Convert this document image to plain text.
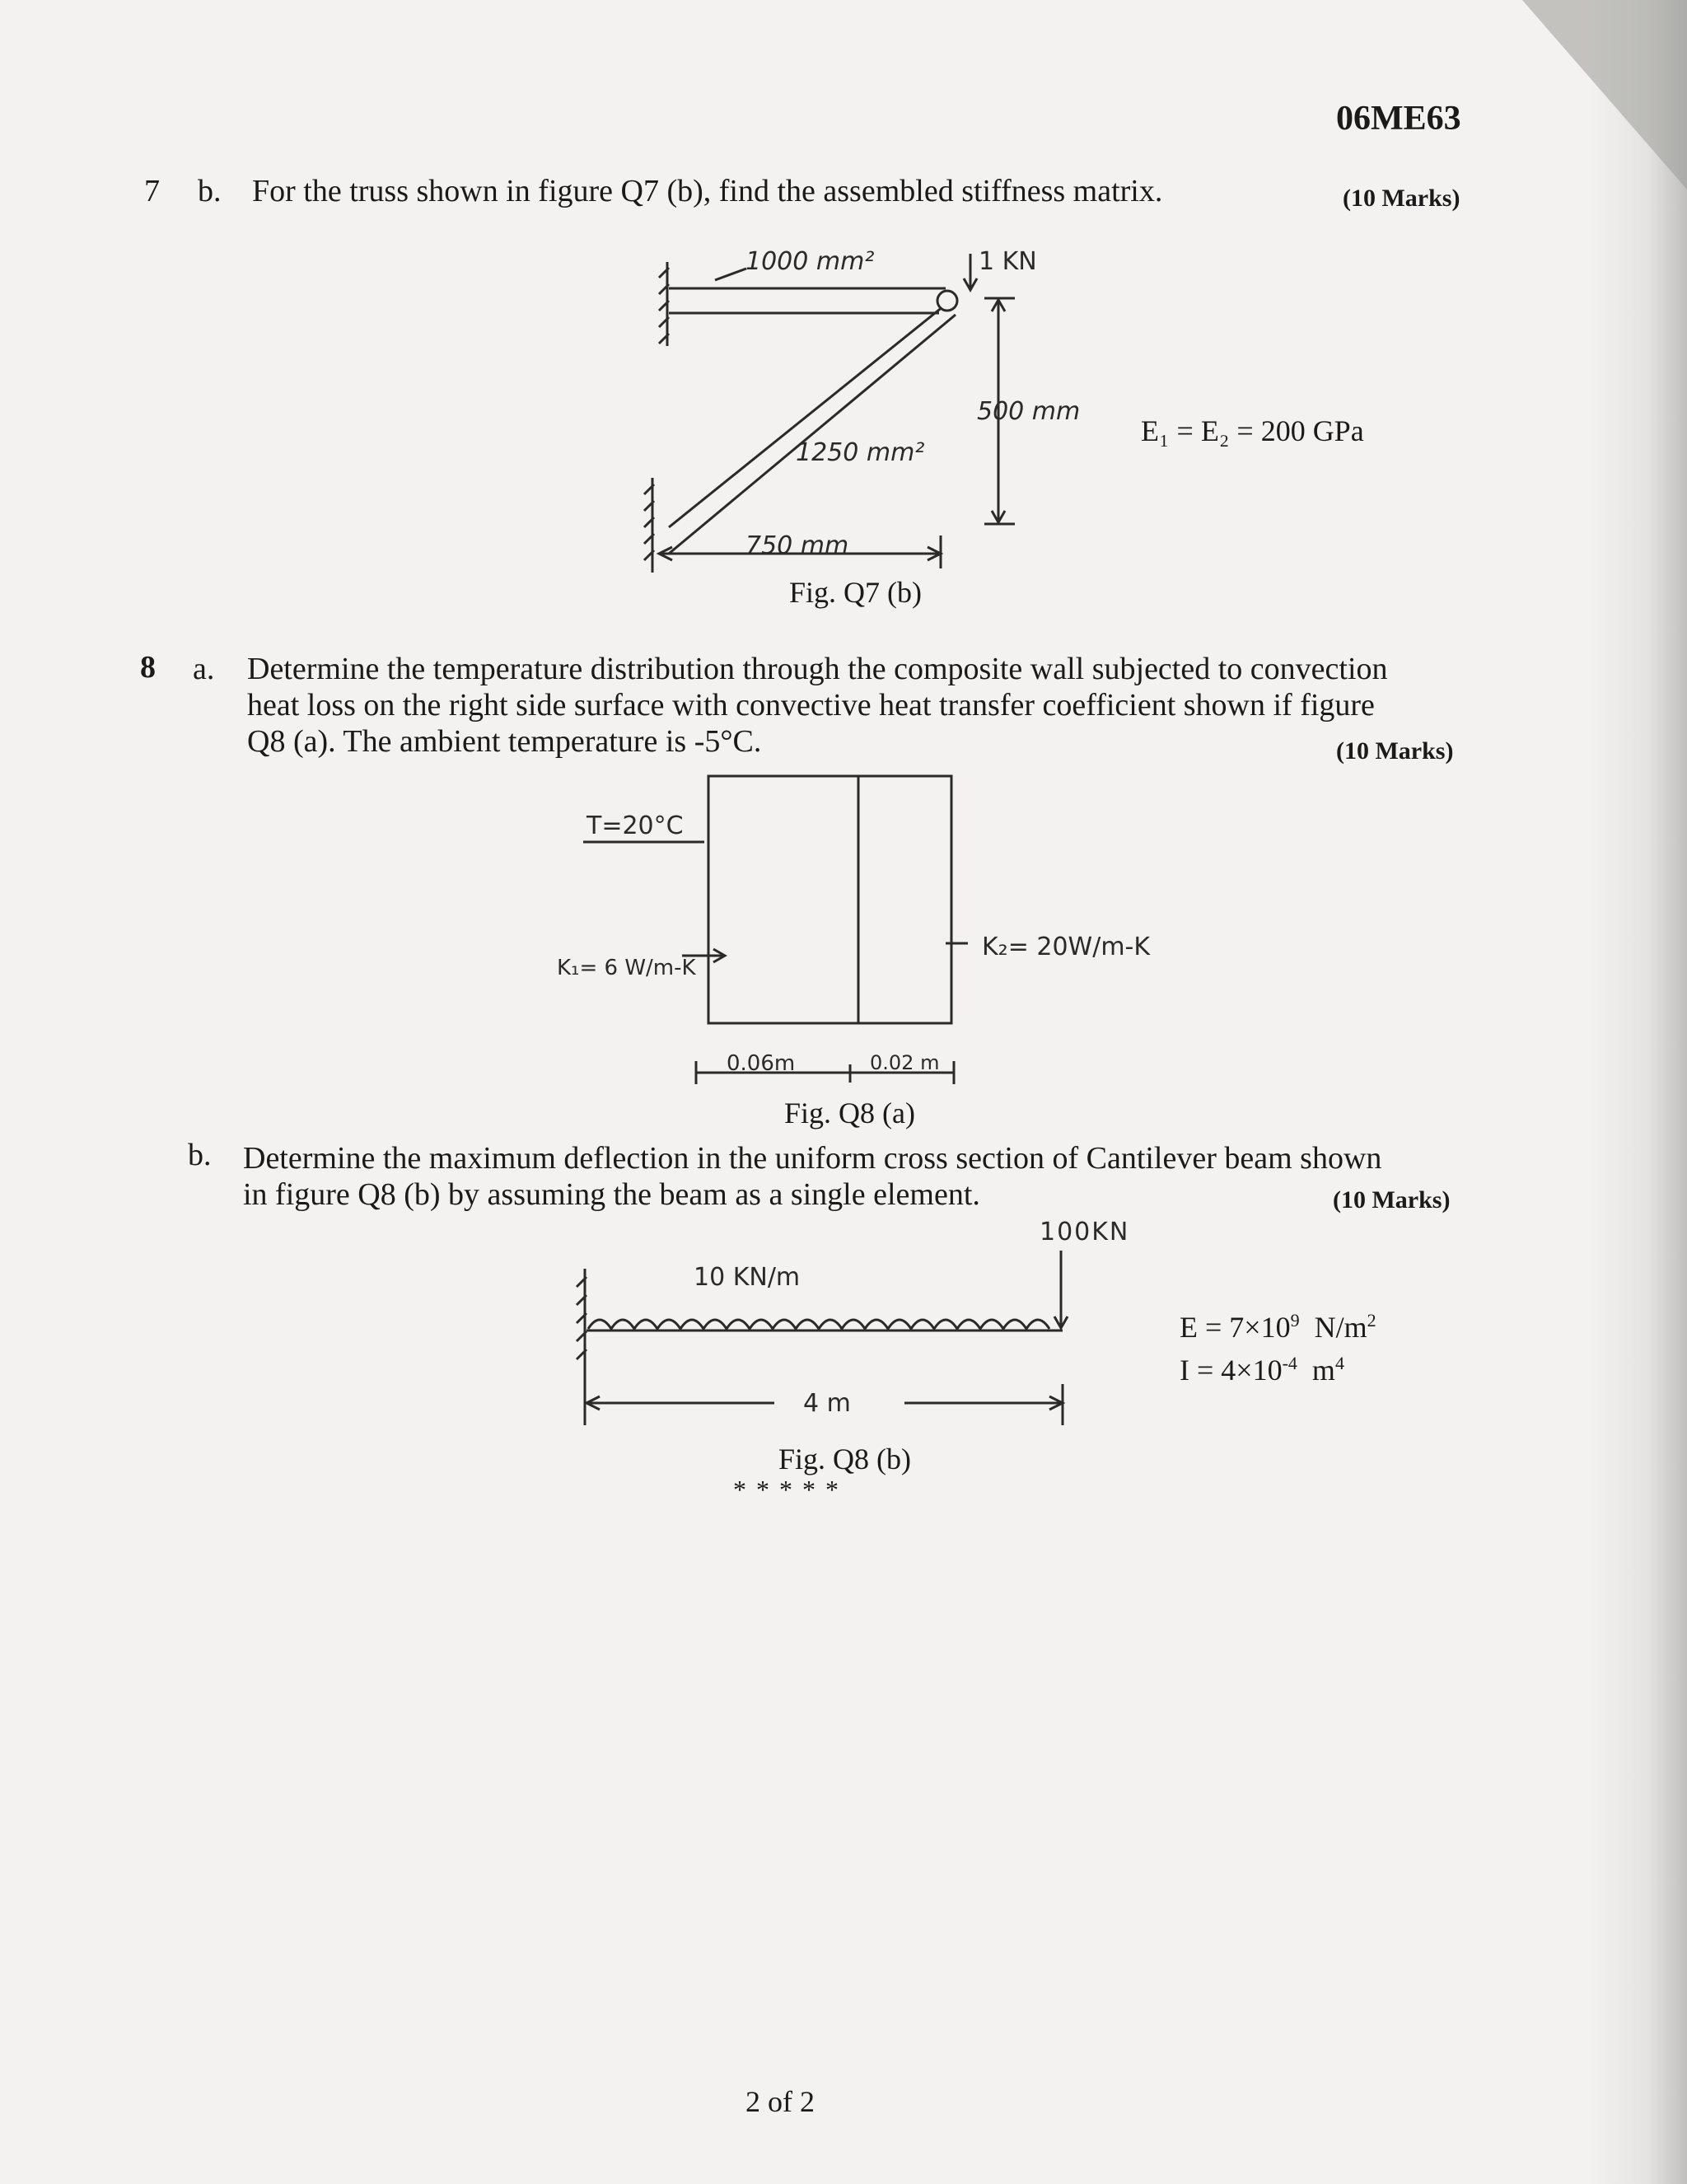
06ME63
7 b. For the truss shown in figure Q7 (b), find the assembled stiffness matrix.	(10 Marks)
1000 mm²	1 KN
500 mm
1250 mm²
750 mm
E₁ = E₂ = 200 GPa
Fig. Q7 (b)
8 a. Determine the temperature distribution through the composite wall subjected to convection
heat loss on the right side surface with convective heat transfer coefficient shown if figure
Q8 (a). The ambient temperature is -5°C.	(10 Marks)
T=20°C
K₁= 6 W/m-K
K₂= 20W/m-K
0.06m	0.02 m
Fig. Q8 (a)
b. Determine the maximum deflection in the uniform cross section of Cantilever beam shown
in figure Q8 (b) by assuming the beam as a single element.	(10 Marks)
100KN
10 KN/m
4 m
$E = 7\times 10^9$ $N/m^2$
$I = 4\times 10^{-4}$ $m^4$
Fig. Q8 (b)
* * * * *
2 of 2
